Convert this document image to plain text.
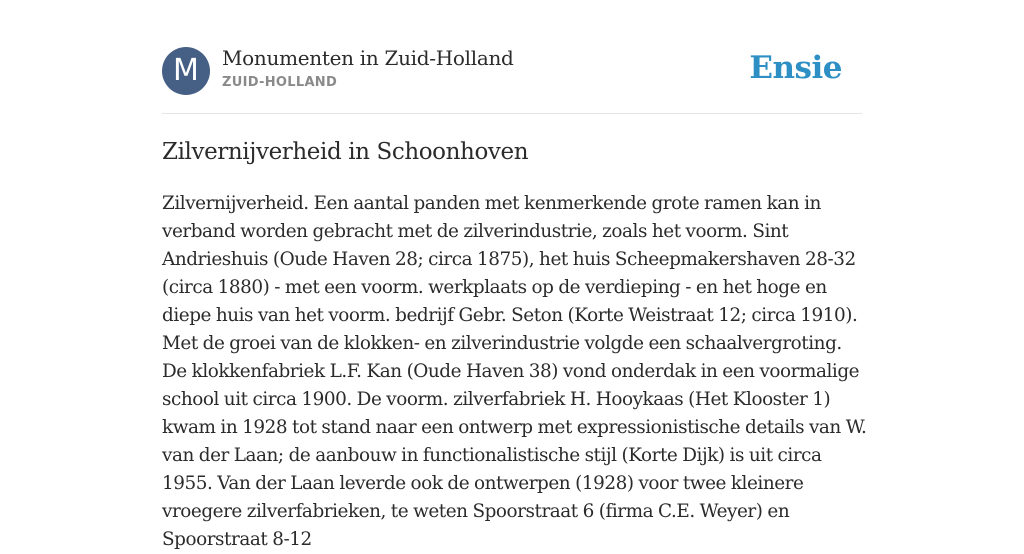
M	Monumenten in Zuid-Holland
ZUID-HOLLAND	Ensie
Zilvernijverheid in Schoonhoven

Zilvernijverheid. Een aantal panden met kenmerkende grote ramen kan in verband worden gebracht met de zilverindustrie, zoals het voorm. Sint Andrieshuis (Oude Haven 28; circa 1875), het huis Scheepmakershaven 28-32 (circa 1880) - met een voorm. werkplaats op de verdieping - en het hoge en diepe huis van het voorm. bedrijf Gebr. Seton (Korte Weistraat 12; circa 1910). Met de groei van de klokken- en zilverindustrie volgde een schaalvergroting. De klokkenfabriek L.F. Kan (Oude Haven 38) vond onderdak in een voormalige school uit circa 1900. De voorm. zilverfabriek H. Hooykaas (Het Klooster 1) kwam in 1928 tot stand naar een ontwerp met expressionistische details van W. van der Laan; de aanbouw in functionalistische stijl (Korte Dijk) is uit circa 1955. Van der Laan leverde ook de ontwerpen (1928) voor twee kleinere vroegere zilverfabrieken, te weten Spoorstraat 6 (firma C.E. Weyer) en Spoorstraat 8-12
